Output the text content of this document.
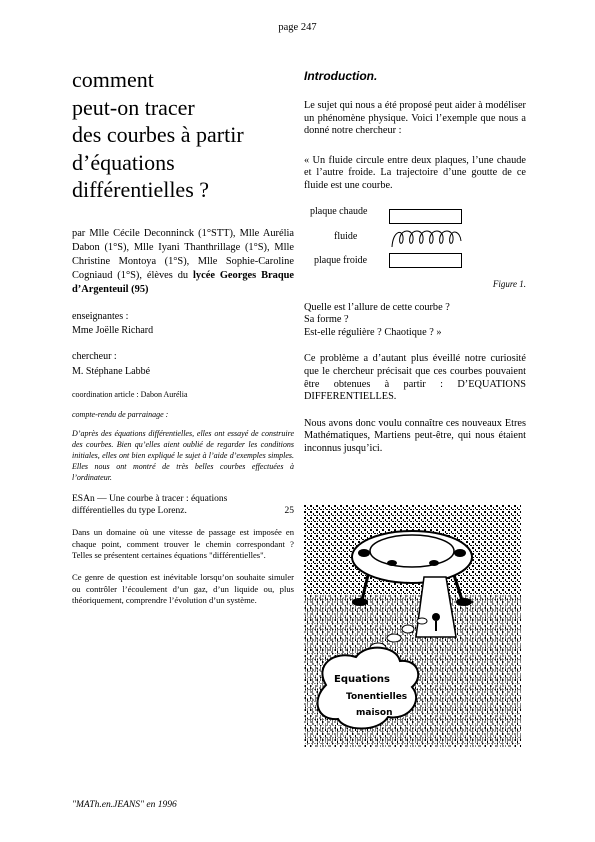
page 247
comment
peut-on tracer
des courbes à partir
d’équations
différentielles ?
par Mlle Cécile Deconninck (1°STT), Mlle Aurélia Dabon (1°S), Mlle Iyani Thanthrillage (1°S), Mlle Christine Montoya (1°S), Mlle Sophie-Caroline Cogniaud (1°S), élèves du lycée Georges Braque d’Argenteuil (95)
enseignantes :
Mme Joëlle Richard
chercheur :
M. Stéphane Labbé
coordination article : Dabon Aurélia
compte-rendu de parrainage :
D’après des équations différentielles, elles ont essayé de construire des courbes. Bien qu’elles aient oublié de regarder les conditions initiales, elles ont bien expliqué le sujet à l’aide d’exemples simples. Elles nous ont montré de très belles courbes effectuées à l’ordinateur.
ESAn — Une courbe à tracer : équations
différentielles du type Lorenz.	25
Dans un domaine où une vitesse de passage est imposée en chaque point, comment trouver le chemin correspondant ? Telles se présentent certaines équations "différentielles".
Ce genre de question est inévitable lorsqu’on souhaite simuler ou contrôler l’écoulement d’un gaz, d’un liquide ou, plus théoriquement, comprendre l’évolution d’un système.
Introduction.
Le sujet qui nous a été proposé peut aider à modéliser un phénomène physique. Voici l’exemple que nous a donné notre chercheur :
« Un fluide circule entre deux plaques, l’une chaude et l’autre froide. La trajectoire d’une goutte de ce fluide est une courbe.
plaque chaude
fluide
plaque froide
Figure 1.
Quelle est l’allure de cette courbe ?
Sa forme ?
Est-elle régulière ? Chaotique ? »
Ce problème a d’autant plus éveillé notre curiosité que le chercheur précisait que ces courbes pouvaient être obtenues à partir : D’EQUATIONS DIFFERENTIELLES.
Nous avons donc voulu connaître ces nouveaux Etres Mathématiques, Martiens peut-être, qui nous étaient inconnus jusqu’ici.
Equations
Tonentielles
maison
"MATh.en.JEANS" en 1996
